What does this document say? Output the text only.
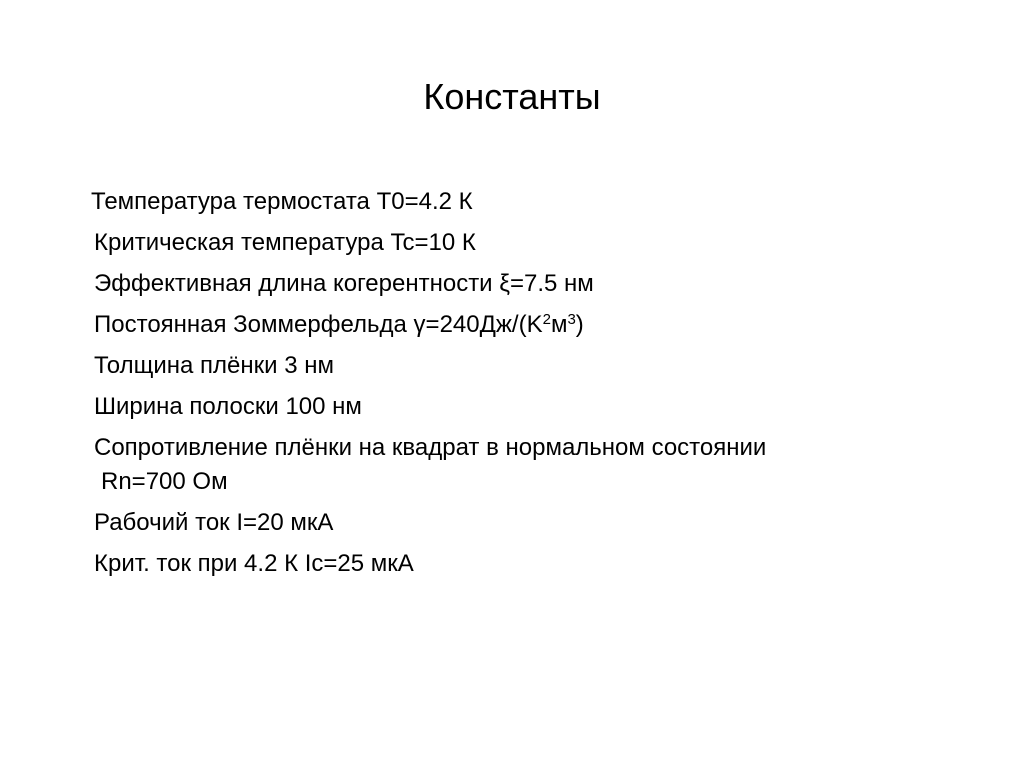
Константы
Температура термостата T0=4.2 К
Критическая температура Tc=10 К
Эффективная длина когерентности ξ=7.5 нм
Постоянная Зоммерфельда $\gamma=240Дж/(K^2м^3)$
Толщина плёнки 3 нм
Ширина полоски 100 нм
Сопротивление плёнки на квадрат в нормальном состоянии
Rn=700 Ом
Рабочий ток I=20 мкА
Крит. ток при 4.2 К Ic=25 мкА
